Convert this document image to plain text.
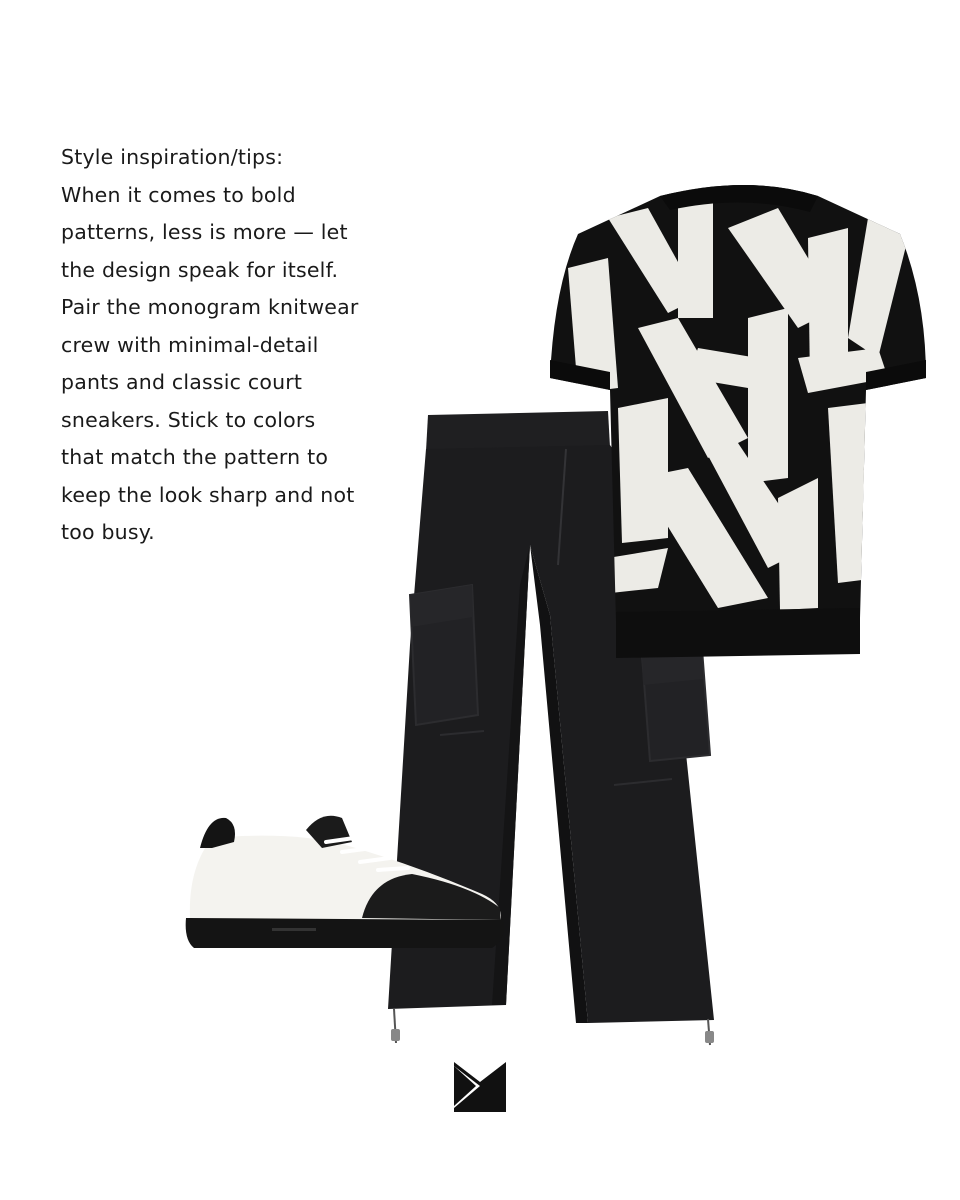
Style inspiration/tips:
When it comes to bold
patterns, less is more — let
the design speak for itself.
Pair the monogram knitwear
crew with minimal-detail
pants and classic court
sneakers. Stick to colors
that match the pattern to
keep the look sharp and not
too busy.
